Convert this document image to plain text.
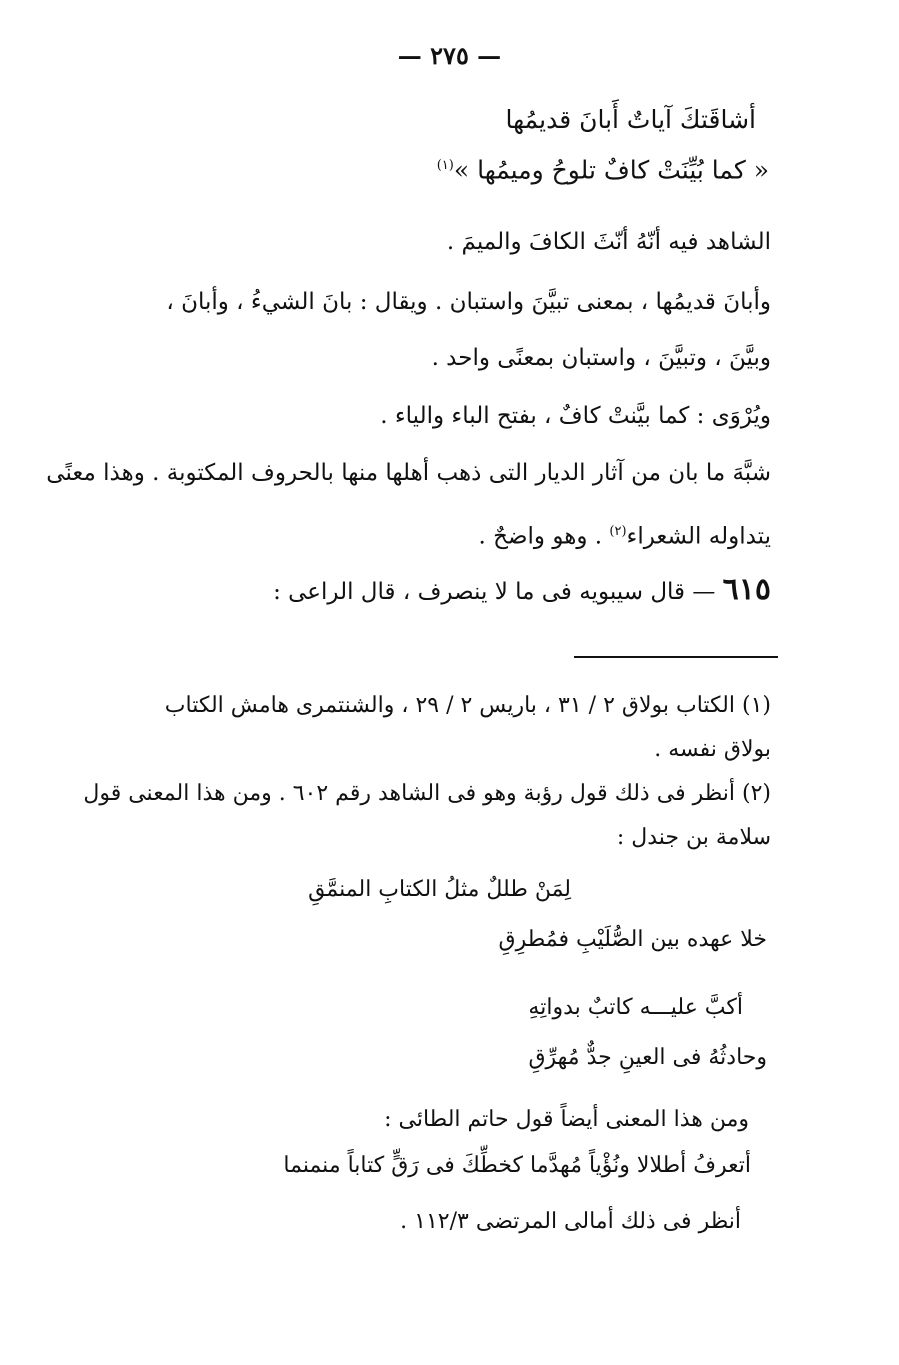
— ٢٧٥ —
أشاقَتكَ آياتٌ أَبانَ قديمُها
« كما بُيِّنَتْ كافٌ تلوحُ وميمُها »$^{(١)}$
الشاهد فيه أنّهُ أنّثَ الكافَ والميمَ .
وأبانَ قديمُها ، بمعنى تبيَّنَ واستبان . ويقال : بانَ الشيءُ ، وأبانَ ،
وبيَّنَ ، وتبيَّنَ ، واستبان بمعنًى واحد .
ويُرْوَى : كما بيَّنتْ كافٌ ، بفتح الباء والياء .
شبَّهَ ما بان من آثار الديار التى ذهب أهلها منها بالحروف المكتوبة . وهذا معنًى
يتداوله الشعراء$^{(٢)}$ . وهو واضحٌ .
٦١٥ — قال سيبويه فى ما لا ينصرف ، قال الراعى :
(١) الكتاب بولاق ٢ / ٣١ ، باريس ٢ / ٢٩ ، والشنتمرى هامش الكتاب
بولاق نفسه .
(٢) أنظر فى ذلك قول رؤبة وهو فى الشاهد رقم ٦٠٢ . ومن هذا المعنى قول
سلامة بن جندل :
لِمَنْ طللٌ مثلُ الكتابِ المنمَّقِ
خلا عهده بين الصُّلَيْبِ فمُطرِقِ
أكبَّ عليـــه كاتبٌ بدواتِهِ
وحادثُهُ فى العينِ جدٌّ مُهرِّقِ
ومن هذا المعنى أيضاً قول حاتم الطائى :
أتعرفُ أطلالا ونُؤْياً مُهدَّما كخطِّكَ فى رَقٍّ كتاباً منمنما
أنظر فى ذلك أمالى المرتضى ١١٢/٣ .
